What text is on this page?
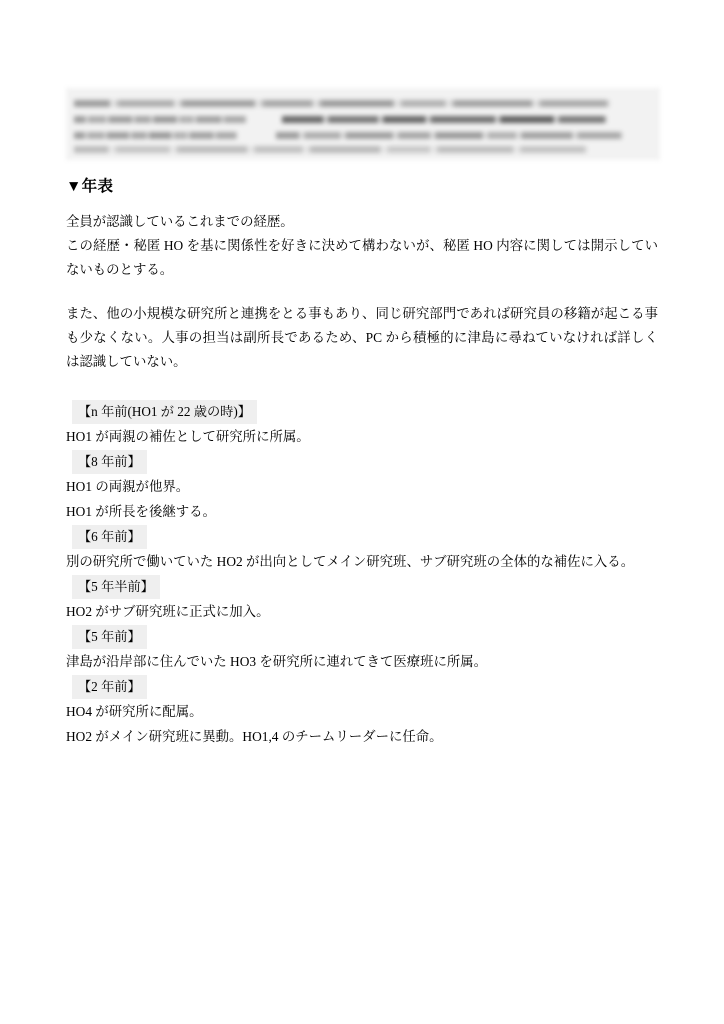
▼年表

全員が認識しているこれまでの経歴。

この経歴・秘匿 HO を基に関係性を好きに決めて構わないが、秘匿 HO 内容に関しては開示していないものとする。

また、他の小規模な研究所と連携をとる事もあり、同じ研究部門であれば研究員の移籍が起こる事も少なくない。人事の担当は副所長であるため、PC から積極的に津島に尋ねていなければ詳しくは認識していない。

【n 年前(HO1 が 22 歳の時)】
HO1 が両親の補佐として研究所に所属。
【8 年前】
HO1 の両親が他界。
HO1 が所長を後継する。
【6 年前】
別の研究所で働いていた HO2 が出向としてメイン研究班、サブ研究班の全体的な補佐に入る。
【5 年半前】
HO2 がサブ研究班に正式に加入。
【5 年前】
津島が沿岸部に住んでいた HO3 を研究所に連れてきて医療班に所属。
【2 年前】
HO4 が研究所に配属。
HO2 がメイン研究班に異動。HO1,4 のチームリーダーに任命。
